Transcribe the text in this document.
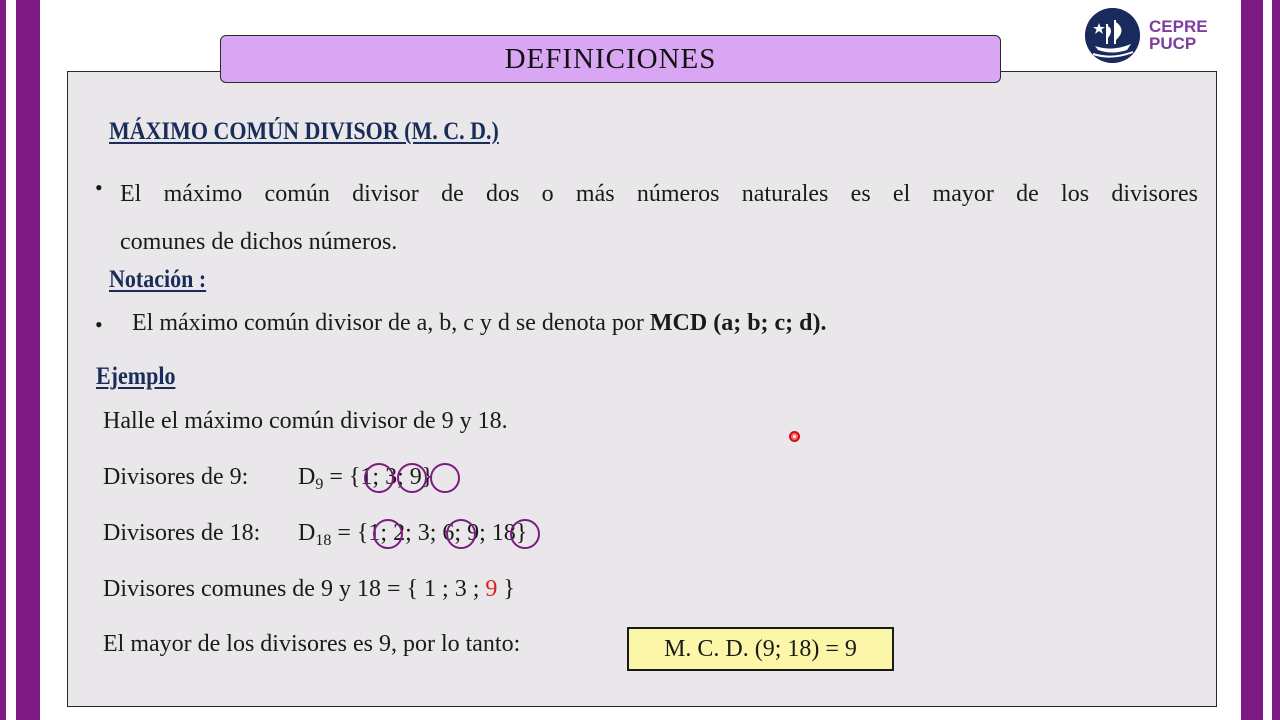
CEPRE
PUCP
DEFINICIONES
MÁXIMO COMÚN DIVISOR (M. C. D.)
• El máximo común divisor de dos o más números naturales es el mayor de los divisores
comunes de dichos números.
Notación :
• El máximo común divisor de a, b, c y d se denota por MCD (a; b; c; d).
Ejemplo
Halle el máximo común divisor de 9 y 18.
Divisores de 9: $D_9 = \{1$; 3; 9}
Divisores de 18: $D_{18} = \{1$; 2; 3; 6; 9; 18}
Divisores comunes de 9 y 18 = { 1 ; 3 ; 9 }
El mayor de los divisores es 9, por lo tanto:	M. C. D. (9; 18) = 9
